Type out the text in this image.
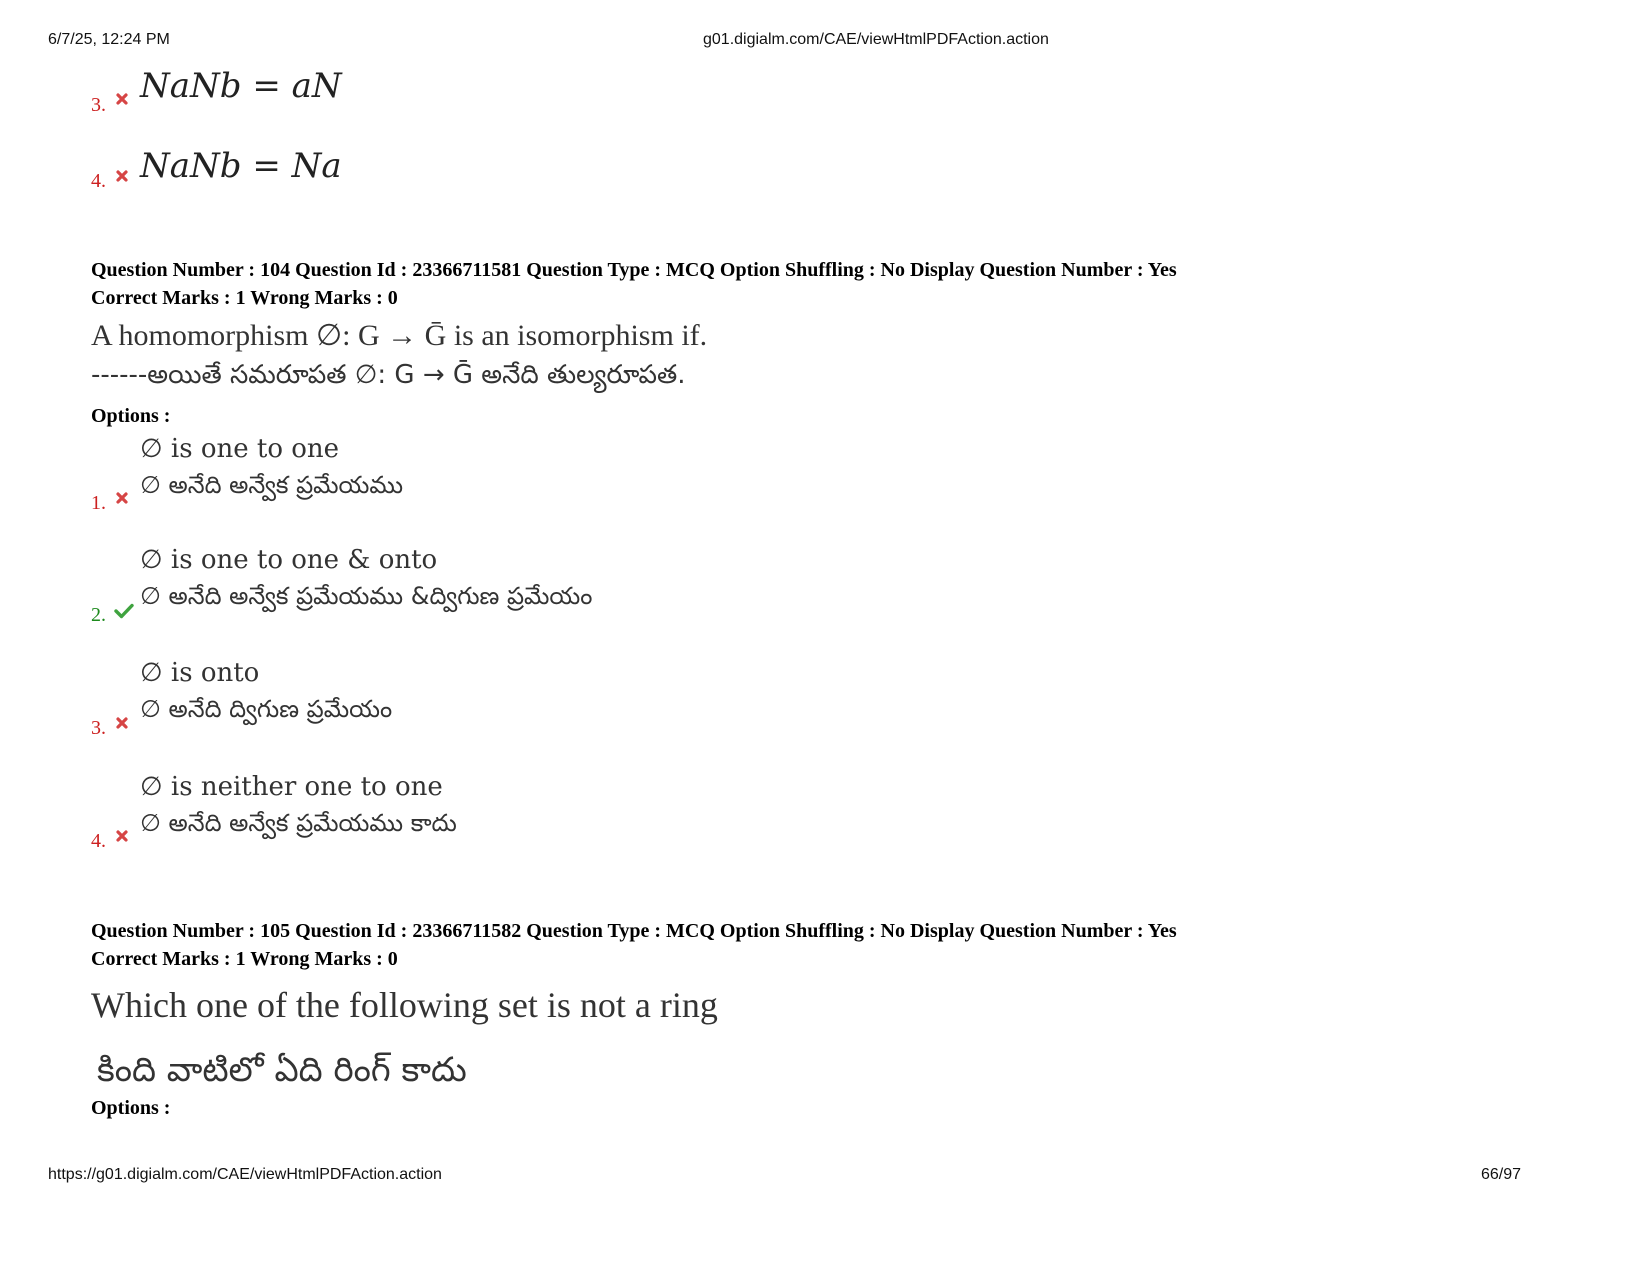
6/7/25, 12:24 PM	g01.digialm.com/CAE/viewHtmlPDFAction.action
3. NaNb = aN
4. NaNb = Na
Question Number : 104 Question Id : 23366711581 Question Type : MCQ Option Shuffling : No Display Question Number : Yes
Correct Marks : 1 Wrong Marks : 0
A homomorphism ∅: G → Ḡ is an isomorphism if.
------అయితే సమరూపత ∅: G → Ḡ అనేది తుల్యరూపత.
Options :
∅ is one to one
∅ అనేది అన్వేక ప్రమేయము
1.
∅ is one to one & onto
∅ అనేది అన్వేక ప్రమేయము &ద్విగుణ ప్రమేయం
2.
∅ is onto
∅ అనేది ద్విగుణ ప్రమేయం
3.
∅ is neither one to one
∅ అనేది అన్వేక ప్రమేయము కాదు
4.
Question Number : 105 Question Id : 23366711582 Question Type : MCQ Option Shuffling : No Display Question Number : Yes
Correct Marks : 1 Wrong Marks : 0
Which one of the following set is not a ring
కింది వాటిలో ఏది రింగ్ కాదు
Options :
https://g01.digialm.com/CAE/viewHtmlPDFAction.action	66/97
